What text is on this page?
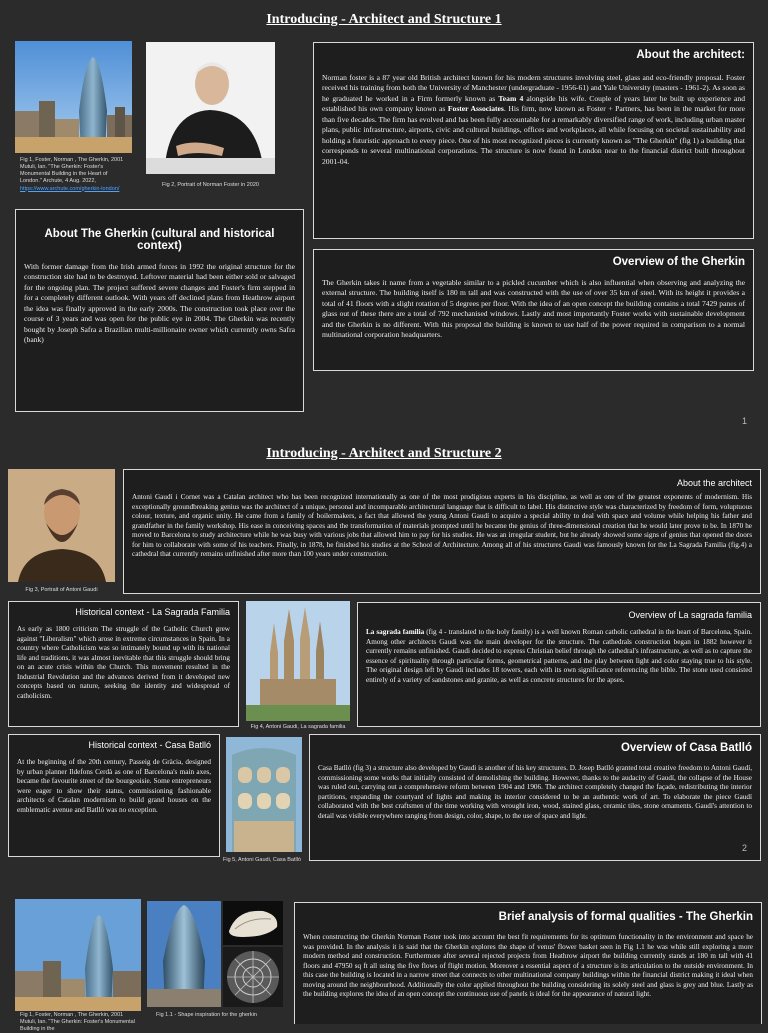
Introducing - Architect and Structure 1
Fig 1, Foster, Norman , The Gherkin, 2001 Mutuli, Ian. "The Gherkin: Foster's Monumental Building in the Heart of London." Archute, 4 Aug. 2022, https://www.archute.com/gherkin-london/
Fig 2, Portrait of Norman Foster in 2020
About the architect:
Norman foster is a 87 year old British architect known for his modern structures involving steel, glass and eco-friendly proposal. Foster received his training from both the University of Manchester (undergraduate - 1956-61) and Yale University (masters - 1961-2). As soon as he graduated he worked in a Firm formerly known as Team 4 alongside his wife. Couple of years later he built up experience and established his own company known as Foster Associates. His firm, now known as Foster + Partners, has been in the market for more than five decades. The firm has evolved and has been fully accountable for a remarkably diversified range of work, including urban master plans, public infrastructure, airports, civic and cultural buildings, offices and workplaces, all while focusing on societal sustainability and holding a futuristic approach to every piece. One of his most recognized pieces is currently known as "The Gherkin" (fig 1) a building that corresponds to several multinational corporations. The structure is now found in London near to the financial district built throughout 2001-04.
About The Gherkin (cultural and historical context)
With former damage from the Irish armed forces in 1992 the original structure for the construction site had to be destroyed. Leftover material had been either sold or salvaged for the ongoing plan. The project suffered severe changes and Foster's firm stepped in for a completely different outlook. With years off declined plans from Heathrow airport the idea was finally approved in the early 2000s. The construction took place over the course of 3 years and was open for the public eye in 2004. The Gherkin was recently bought by Joseph Safra a Brazilian multi-millionaire owner which currently owns Safra (bank)
Overview of the Gherkin
The Gherkin takes it name from a vegetable similar to a pickled cucumber which is also influential when observing and analyzing the external structure. The building itself is 180 m tall and was constructed with the use of over 35 km of steel. With its height it provides a total of 41 floors with a slight rotation of 5 degrees per floor. With the idea of an open concept the building contains a total 7429 panes of glass out of these there are a total of 792 mechanised windows. Lastly and most importantly Foster works with sustainable development and the Gherkin is no different. With this proposal the building is known to use half of the power required in comparison to a normal multinational corporation headquarters.
1
Introducing - Architect and Structure 2
Fig 3, Portrait of Antoni Gaudi
About the architect
Antoni Gaudí i Cornet was a Catalan architect who has been recognized internationally as one of the most prodigious experts in his discipline, as well as one of the greatest exponents of modernism. His exceptionally groundbreaking genius was the architect of a unique, personal and incomparable architectural language that is difficult to label. His distinctive style was characterized by freedom of form, voluptuous colour, texture, and organic unity. He came from a family of boilermakers, a fact that allowed the young Antoni Gaudí to acquire a special ability to deal with space and volume while helping his father and grandfather in the family workshop. His ease in conceiving spaces and the transformation of materials prompted until he became the genius of three-dimensional creation that he would later prove to be. In 1870 he moved to Barcelona to study architecture while he was busy with various jobs that allowed him to pay for his studies. He was an irregular student, but he already showed some signs of genius that opened the doors for him to collaborate with some of his teachers. Finally, in 1878, he finished his studies at the School of Architecture. Among all of his structures Gaudi was famously known for the La Sagrada Familia (fig.4) a cathedral that currently remains unfinished after more than 100 years under construction.
Historical context - La Sagrada Familia
As early as 1800 criticism The struggle of the Catholic Church grew against "Liberalism" which arose in extreme circumstances in Spain. In a country where Catholicism was so intimately bound up with its national life and traditions, it was almost inevitable that this struggle should bring on an acute crisis within the Church. This movement resulted in the Industrial Revolution and the advances derived from it developed new concepts based on nature, seeking the identity and widespread of catholicism.
Fig 4, Antoni Gaudi, La sagrada familia
Overview of La sagrada familia
La sagrada familia (fig 4 - translated to the holy family) is a well known Roman catholic cathedral in the heart of Barcelona, Spain. Among other architects Gaudi was the main developer for the structure. The cathedrals construction began in 1882 however it currently remains unfinished. Gaudi decided to express Christian belief through the cathedral's infrastructure, as well as to capture the essence of spirituality through particular forms, geometrical patterns, and the play between light and color staying true to his style. The original design left by Gaudi includes 18 towers, each with its own significance referencing the bible. The stone used consisted entirely of a variety of sandstones and granite, as well as concrete structures for the apses.
Historical context - Casa Batlló
At the beginning of the 20th century, Passeig de Gràcia, designed by urban planner Ildefons Cerdà as one of Barcelona's main axes, became the favourite street of the bourgeoisie. Some entrepreneurs were eager to show their status, commissioning fashionable architects of Catalan modernism to build grand houses on the emblematic avenue and Batlló was no exception.
Fig 5, Antoni Gaudi, Casa Batlló
Overview of Casa Batlló
Casa Batlló (fig 3) a structure also developed by Gaudi is another of his key structures. D. Josep Batlló granted total creative freedom to Antoni Gaudí, commissioning some works that initially consisted of demolishing the building. However, thanks to the audacity of Gaudí, the collapse of the House was ruled out, carrying out a comprehensive reform between 1904 and 1906. The architect completely changed the façade, redistributing the interior partitions, expanding the courtyard of lights and making its interior considered to be an authentic work of art. To elaborate the piece Gaudí collaborated with the best craftsmen of the time working with wrought iron, wood, stained glass, ceramic tiles, stone ornaments. Gaudí's attention to detail was visible everywhere ranging from design, color, shape, to the use of space and light.
2
Fig 1, Foster, Norman , The Gherkin, 2001 Mutuli, Ian. "The Gherkin: Foster's Monumental Building in the
Fig 1.1 - Shape inspiration for the gherkin
Brief analysis of formal qualities - The Gherkin
When constructing the Gherkin Norman Foster took into account the best fit requirements for its optimum functionality in the environment and space he was provided. In the analysis it is said that the Gherkin explores the shape of venus' flower basket seen in Fig 1.1 he was while still exploring a more modern method and construction. Furthermore after several rejected projects from Heathrow airport the building currently stands at 180 m tall with 41 floors and 47950 sq ft all using the five flows of flight motion. Moreover a essential aspect of a structure is its articulation to the outside environment. In this case the building is located in a narrow street that connects to other multinational company buildings within the financial district making it ideal when moving around the neighbourhood. Additionally the color applied throughout the building considering its solely steel and glass is grey and blue. Lastly as the building explores the idea of an open concept the continuous use of panels is ideal for the appearance of natural light.
